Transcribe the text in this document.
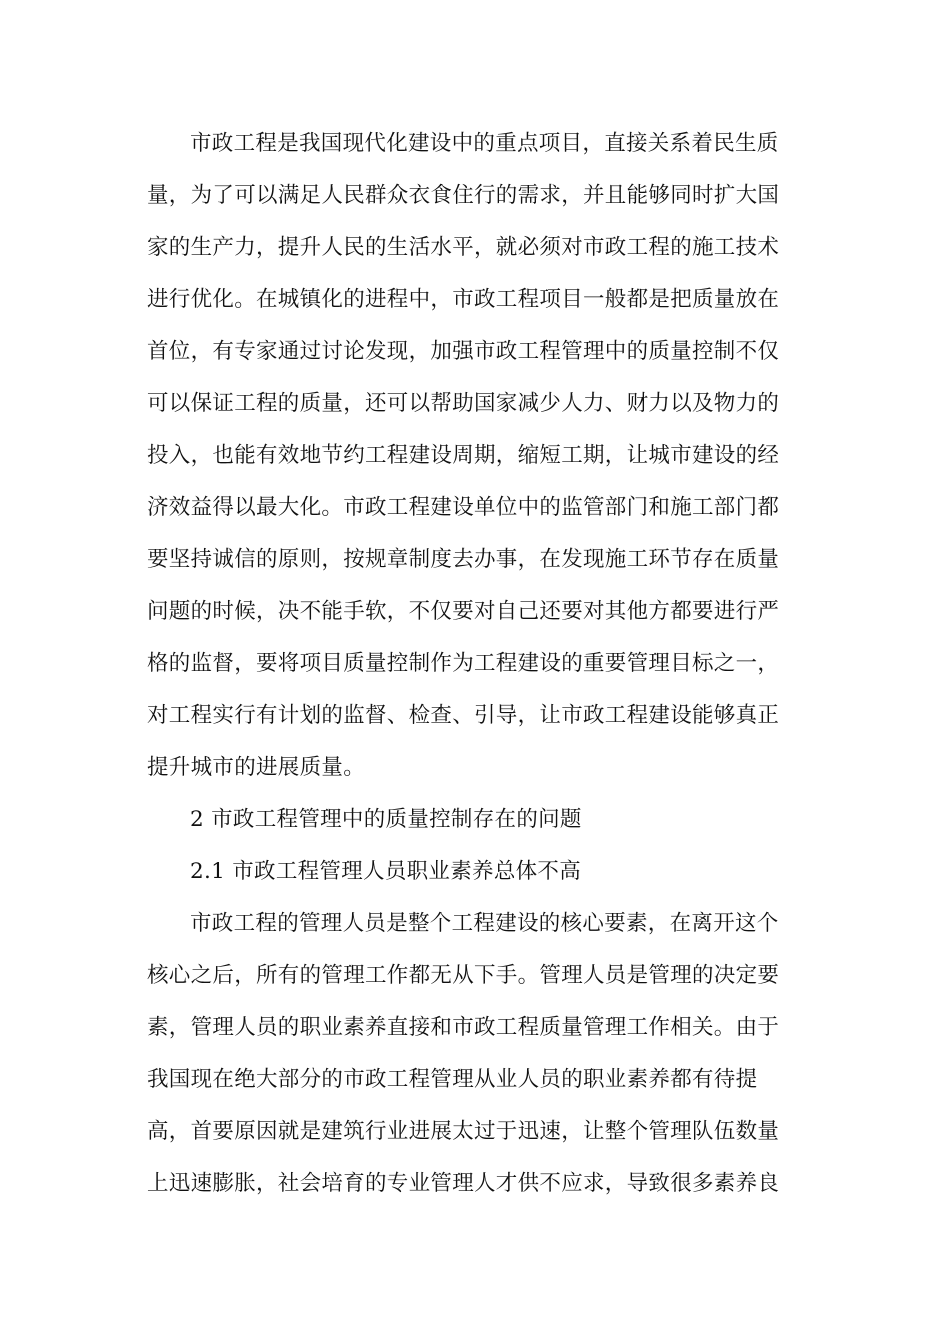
市政工程是我国现代化建设中的重点项目，直接关系着民生质
量，为了可以满足人民群众衣食住行的需求，并且能够同时扩大国
家的生产力，提升人民的生活水平，就必须对市政工程的施工技术
进行优化。在城镇化的进程中，市政工程项目一般都是把质量放在
首位，有专家通过讨论发现，加强市政工程管理中的质量控制不仅
可以保证工程的质量，还可以帮助国家减少人力、财力以及物力的
投入，也能有效地节约工程建设周期，缩短工期，让城市建设的经
济效益得以最大化。市政工程建设单位中的监管部门和施工部门都
要坚持诚信的原则，按规章制度去办事，在发现施工环节存在质量
问题的时候，决不能手软，不仅要对自己还要对其他方都要进行严
格的监督，要将项目质量控制作为工程建设的重要管理目标之一，
对工程实行有计划的监督、检查、引导，让市政工程建设能够真正
提升城市的进展质量。
2 市政工程管理中的质量控制存在的问题
2.1 市政工程管理人员职业素养总体不高
市政工程的管理人员是整个工程建设的核心要素，在离开这个
核心之后，所有的管理工作都无从下手。管理人员是管理的决定要
素，管理人员的职业素养直接和市政工程质量管理工作相关。由于
我国现在绝大部分的市政工程管理从业人员的职业素养都有待提
高，首要原因就是建筑行业进展太过于迅速，让整个管理队伍数量
上迅速膨胀，社会培育的专业管理人才供不应求，导致很多素养良
